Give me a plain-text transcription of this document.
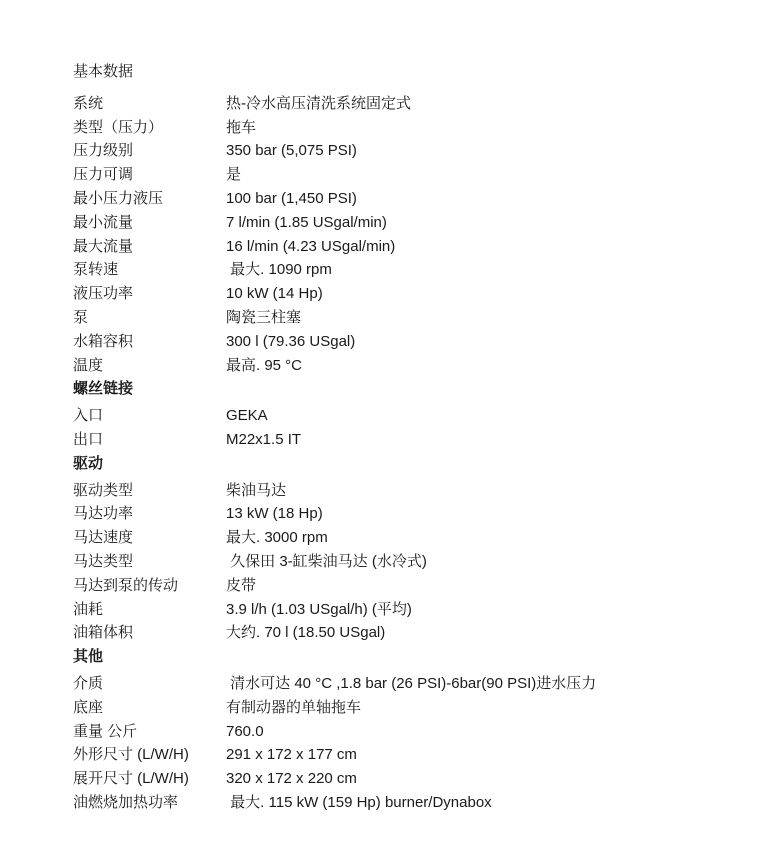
基本数据
系统	热-冷水高压清洗系统固定式
类型（压力）	拖车
压力级别	350 bar (5,075 PSI)
压力可调	是
最小压力液压	100 bar (1,450 PSI)
最小流量	7 l/min (1.85 USgal/min)
最大流量	16 l/min (4.23 USgal/min)
泵转速	最大. 1090 rpm
液压功率	10 kW (14 Hp)
泵	陶瓷三柱塞
水箱容积	300 l (79.36 USgal)
温度	最高. 95 °C
螺丝链接
入口	GEKA
出口	M22x1.5 IT
驱动
驱动类型	柴油马达
马达功率	13 kW (18 Hp)
马达速度	最大. 3000 rpm
马达类型	久保田 3-缸柴油马达 (水冷式)
马达到泵的传动	皮带
油耗	3.9 l/h (1.03 USgal/h) (平均)
油箱体积	大约. 70 l (18.50 USgal)
其他
介质	清水可达 40 °C ,1.8 bar (26 PSI)-6bar(90 PSI)进水压力
底座	有制动器的单轴拖车
重量 公斤	760.0
外形尺寸 (L/W/H)	291 x 172 x 177 cm
展开尺寸 (L/W/H)	320 x 172 x 220 cm
油燃烧加热功率	最大. 115 kW (159 Hp) burner/Dynabox
